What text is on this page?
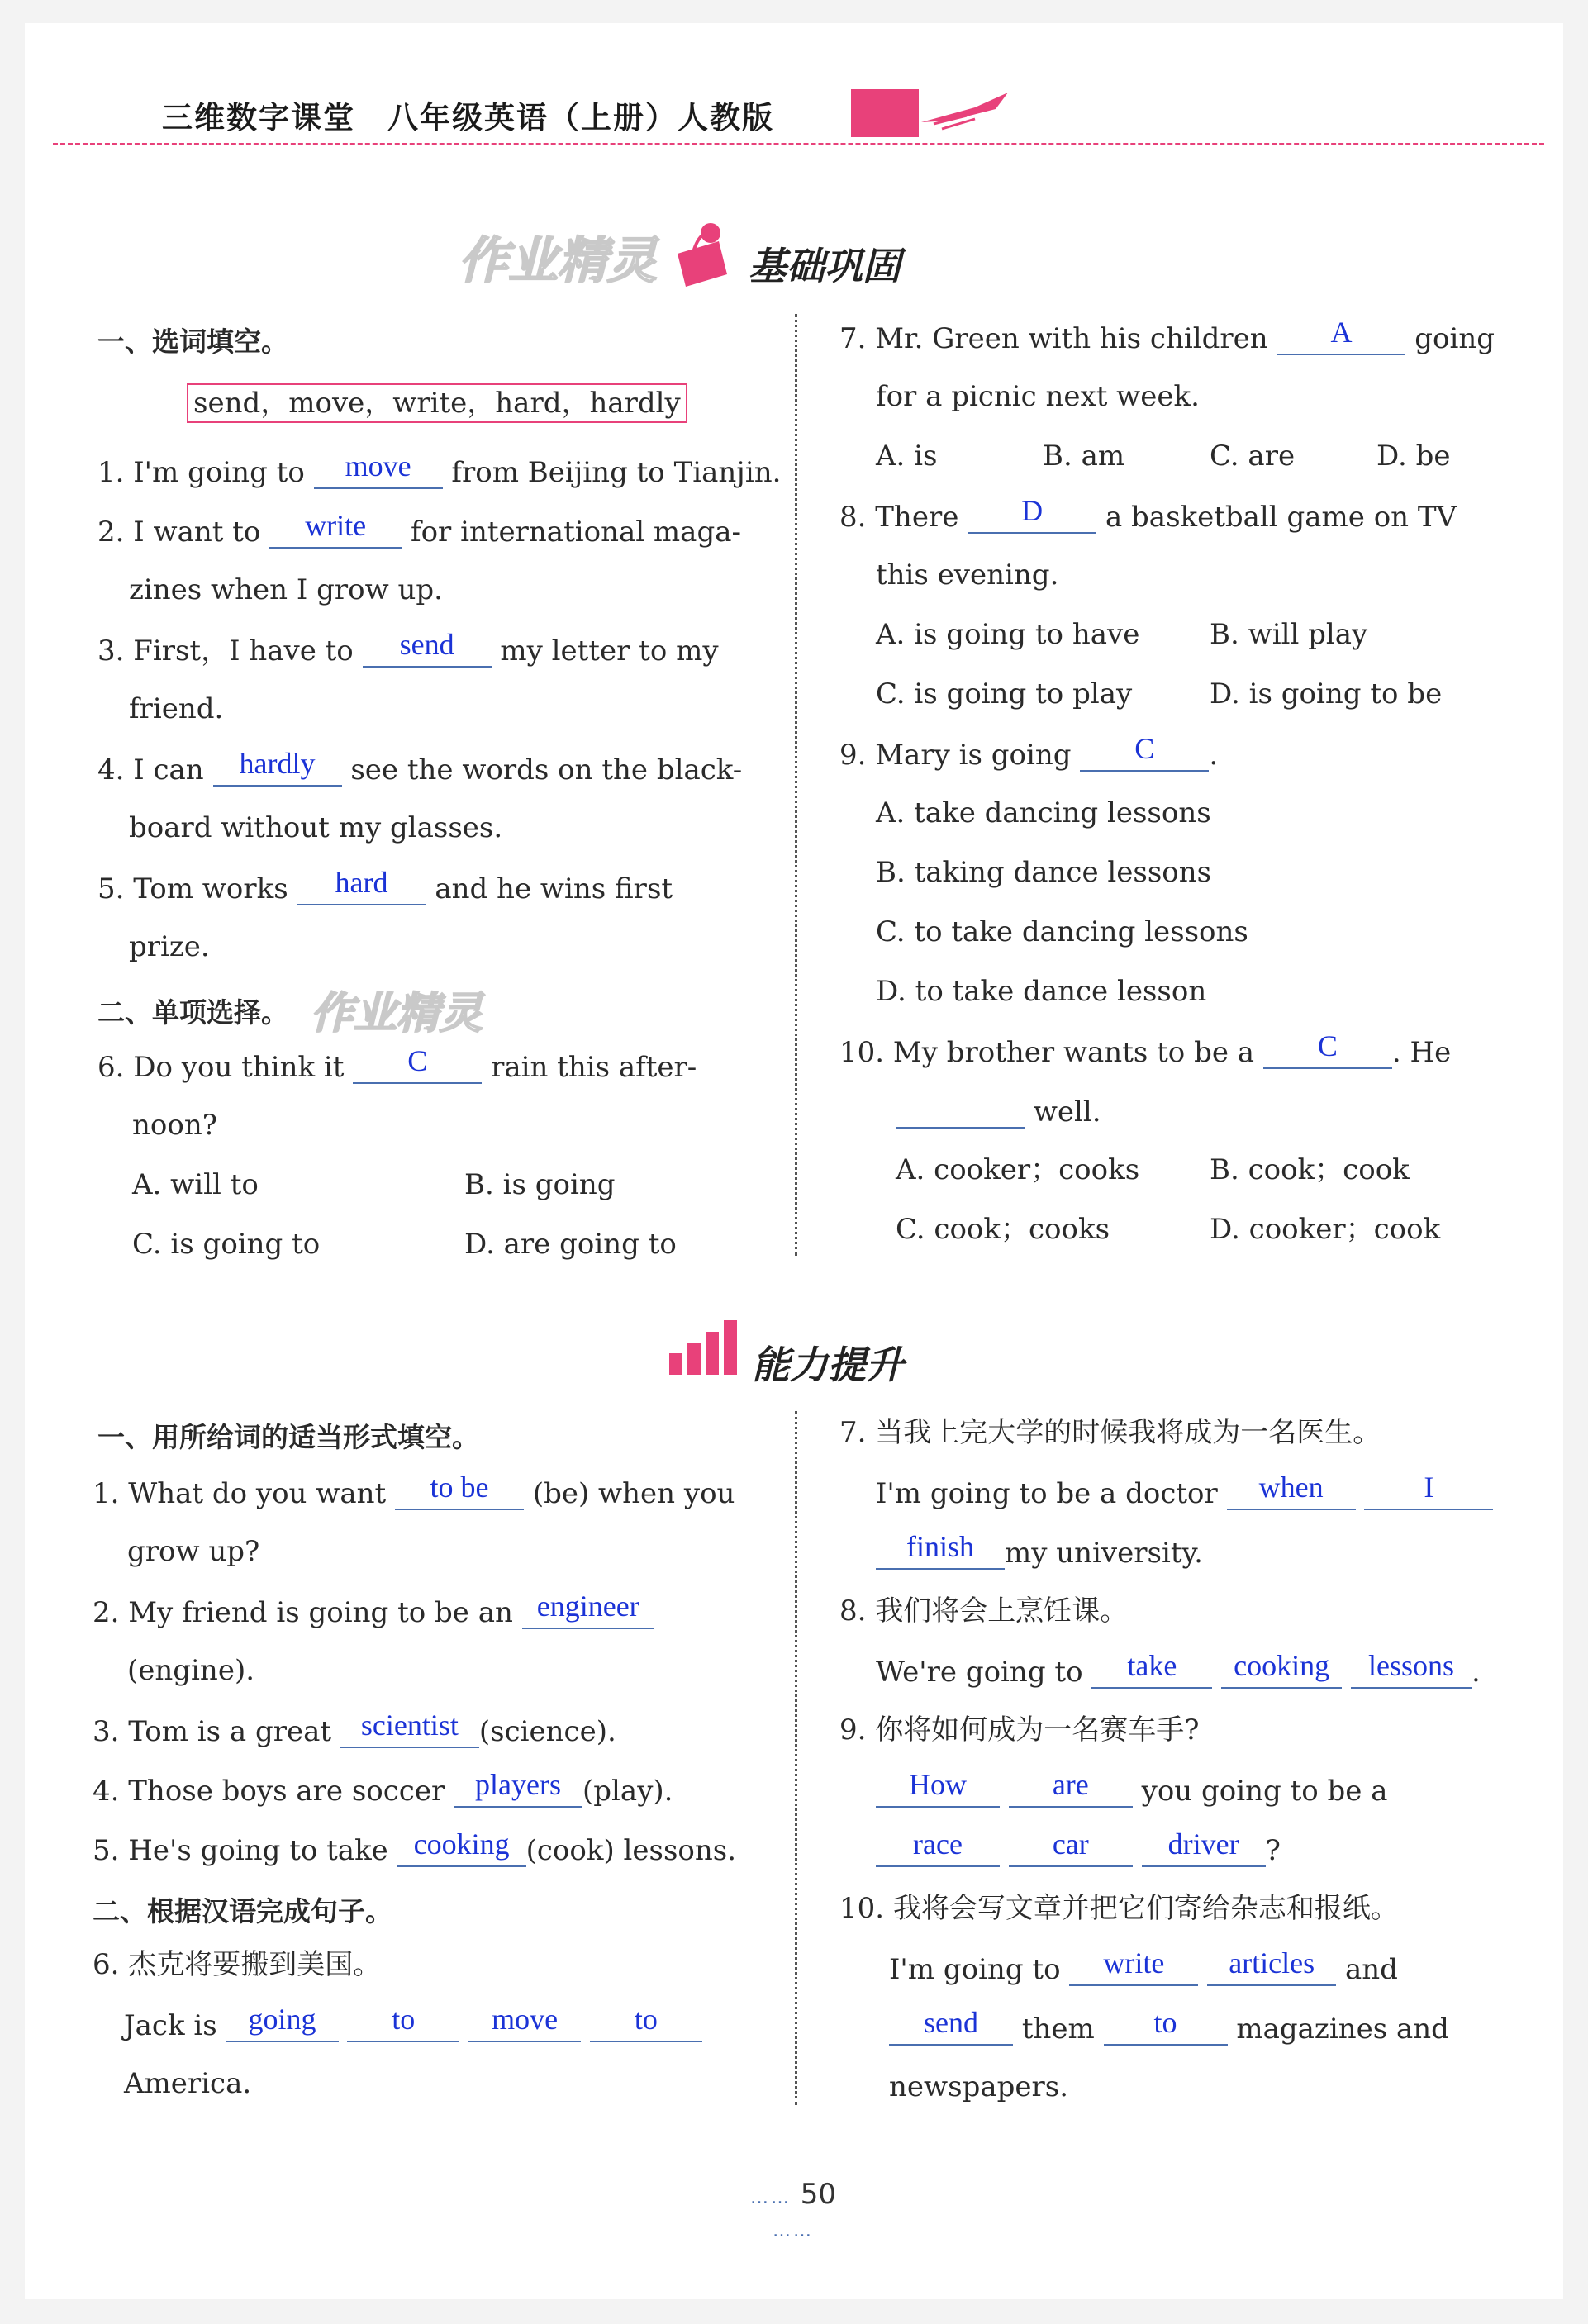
三维数字课堂　八年级英语（上册）人教版
作业精灵 基础巩固
一、选词填空。
send，move，write，hard，hardly
1. I'm going to	move	from Beijing to Tianjin.
2. I want to	write	for international maga-
zines when I grow up.
3. First，I have to	send	my letter to my
friend.
4. I can	hardly	see the words on the black-
board without my glasses.
5. Tom works	hard	and he wins first
prize.
二、单项选择。 作业精灵
6. Do you think it	C	rain this after-
noon?
A. will to	B. is going
C. is going to	D. are going to
7. Mr. Green with his children	A	going
for a picnic next week.
A. is	B. am	C. are	D. be
8. There	D	a basketball game on TV
this evening.
A. is going to have B. will play
C. is going to play	D. is going to be
9. Mary is going	C	.
A. take dancing lessons
B. taking dance lessons
C. to take dancing lessons
D. to take dance lesson
10. My brother wants to be a	C	. He
well.
A. cooker；cooks B. cook；cook
C. cook；cooks	D. cooker；cook
能力提升
一、用所给词的适当形式填空。
1. What do you want	to be	(be) when you
grow up?
2. My friend is going to be an engineer
(engine).
3. Tom is a great scientist (science).
4. Those boys are soccer	players (play).
5. He's going to take cooking (cook) lessons.
二、根据汉语完成句子。
6. 杰克将要搬到美国。
Jack is	going
	to
	move
	to
America.
7. 当我上完大学的时候我将成为一名医生。
I'm going to be a doctor	when
	I
finish	my university.
8. 我们将会上烹饪课。
We're going to	take
	cooking
	lessons .
9. 你将如何成为一名赛车手?
How
	are	you going to be a
race
	car
	driver ?
10. 我将会写文章并把它们寄给杂志和报纸。
I'm going to	write
	articles	and
send	them	to	magazines and
newspapers.
…… 50 ……
